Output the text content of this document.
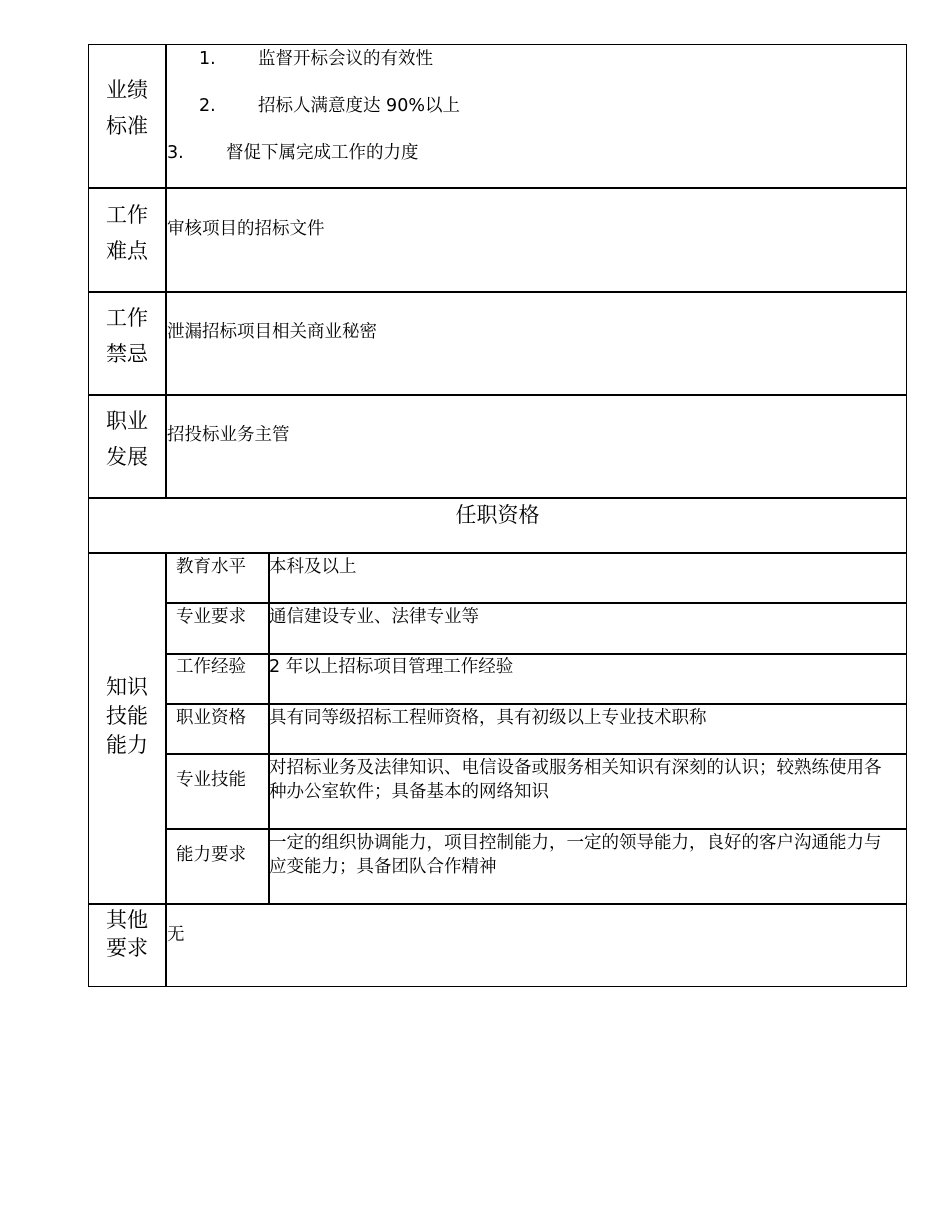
业绩
标准
1. 监督开标会议的有效性
2. 招标人满意度达 90%以上
3. 督促下属完成工作的力度
工作
难点
审核项目的招标文件
工作
禁忌
泄漏招标项目相关商业秘密
职业
发展
招投标业务主管
任职资格
知识
技能
能力
教育水平 本科及以上
专业要求 通信建设专业、法律专业等
工作经验 2 年以上招标项目管理工作经验
职业资格 具有同等级招标工程师资格，具有初级以上专业技术职称
专业技能
对招标业务及法律知识、电信设备或服务相关知识有深刻的认识；较熟练使用各种办公室软件；具备基本的网络知识
能力要求
一定的组织协调能力，项目控制能力，一定的领导能力，良好的客户沟通能力与应变能力；具备团队合作精神
其他
要求
无
